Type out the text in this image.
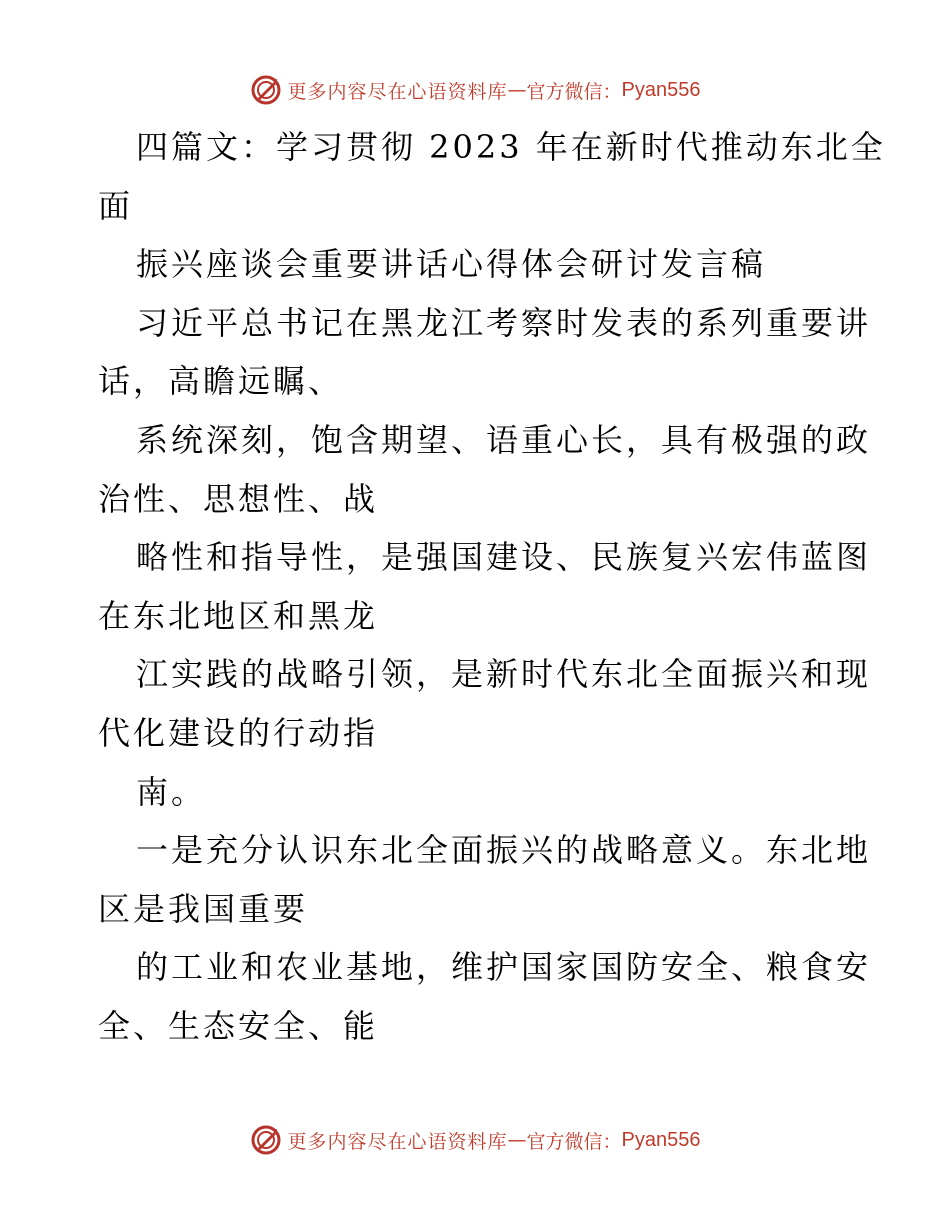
更多内容尽在心语资料库 — 官方微信： Pyan556
四篇文：学习贯彻 2023 年在新时代推动东北全
面
振兴座谈会重要讲话心得体会研讨发言稿
习近平总书记在黑龙江考察时发表的系列重要讲
话，高瞻远瞩、
系统深刻，饱含期望、语重心长，具有极强的政
治性、思想性、战
略性和指导性，是强国建设、民族复兴宏伟蓝图
在东北地区和黑龙
江实践的战略引领，是新时代东北全面振兴和现
代化建设的行动指
南。
一是充分认识东北全面振兴的战略意义。东北地
区是我国重要
的工业和农业基地，维护国家国防安全、粮食安
全、生态安全、能
更多内容尽在心语资料库 — 官方微信： Pyan556
